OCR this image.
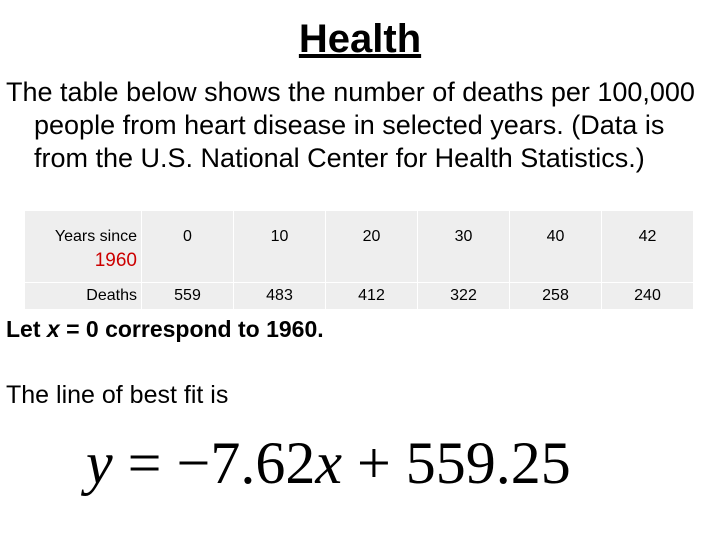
Health
The table below shows the number of deaths per 100,000 people from heart disease in selected years. (Data is from the U.S. National Center for Health Statistics.)
Years since
1960	0	10	20	30	40	42
Deaths	559	483	412	322	258	240
Let x = 0 correspond to 1960.
The line of best fit is
y = −7.62x + 559.25
